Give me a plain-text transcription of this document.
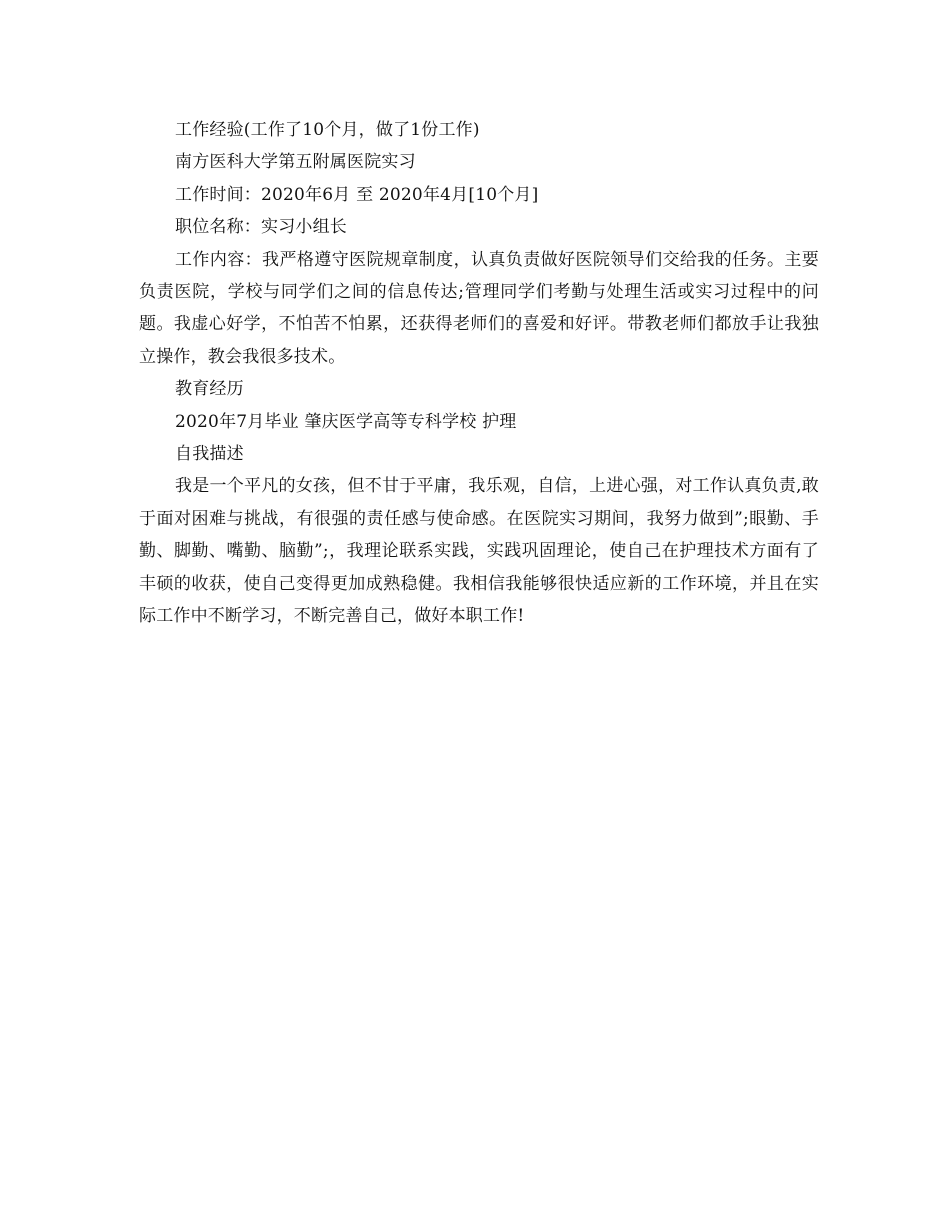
工作经验(工作了10个月，做了1份工作)

南方医科大学第五附属医院实习

工作时间：2020年6月 至 2020年4月[10个月]

职位名称：实习小组长

工作内容：我严格遵守医院规章制度，认真负责做好医院领导们交给我的任务。主要负责医院，学校与同学们之间的信息传达;管理同学们考勤与处理生活或实习过程中的问题。我虚心好学，不怕苦不怕累，还获得老师们的喜爱和好评。带教老师们都放手让我独立操作，教会我很多技术。

教育经历

2020年7月毕业 肇庆医学高等专科学校 护理

自我描述

我是一个平凡的女孩，但不甘于平庸，我乐观，自信，上进心强，对工作认真负责,敢于面对困难与挑战，有很强的责任感与使命感。在医院实习期间，我努力做到”;眼勤、手勤、脚勤、嘴勤、脑勤”;，我理论联系实践，实践巩固理论，使自己在护理技术方面有了丰硕的收获，使自己变得更加成熟稳健。我相信我能够很快适应新的工作环境，并且在实际工作中不断学习，不断完善自己，做好本职工作!
